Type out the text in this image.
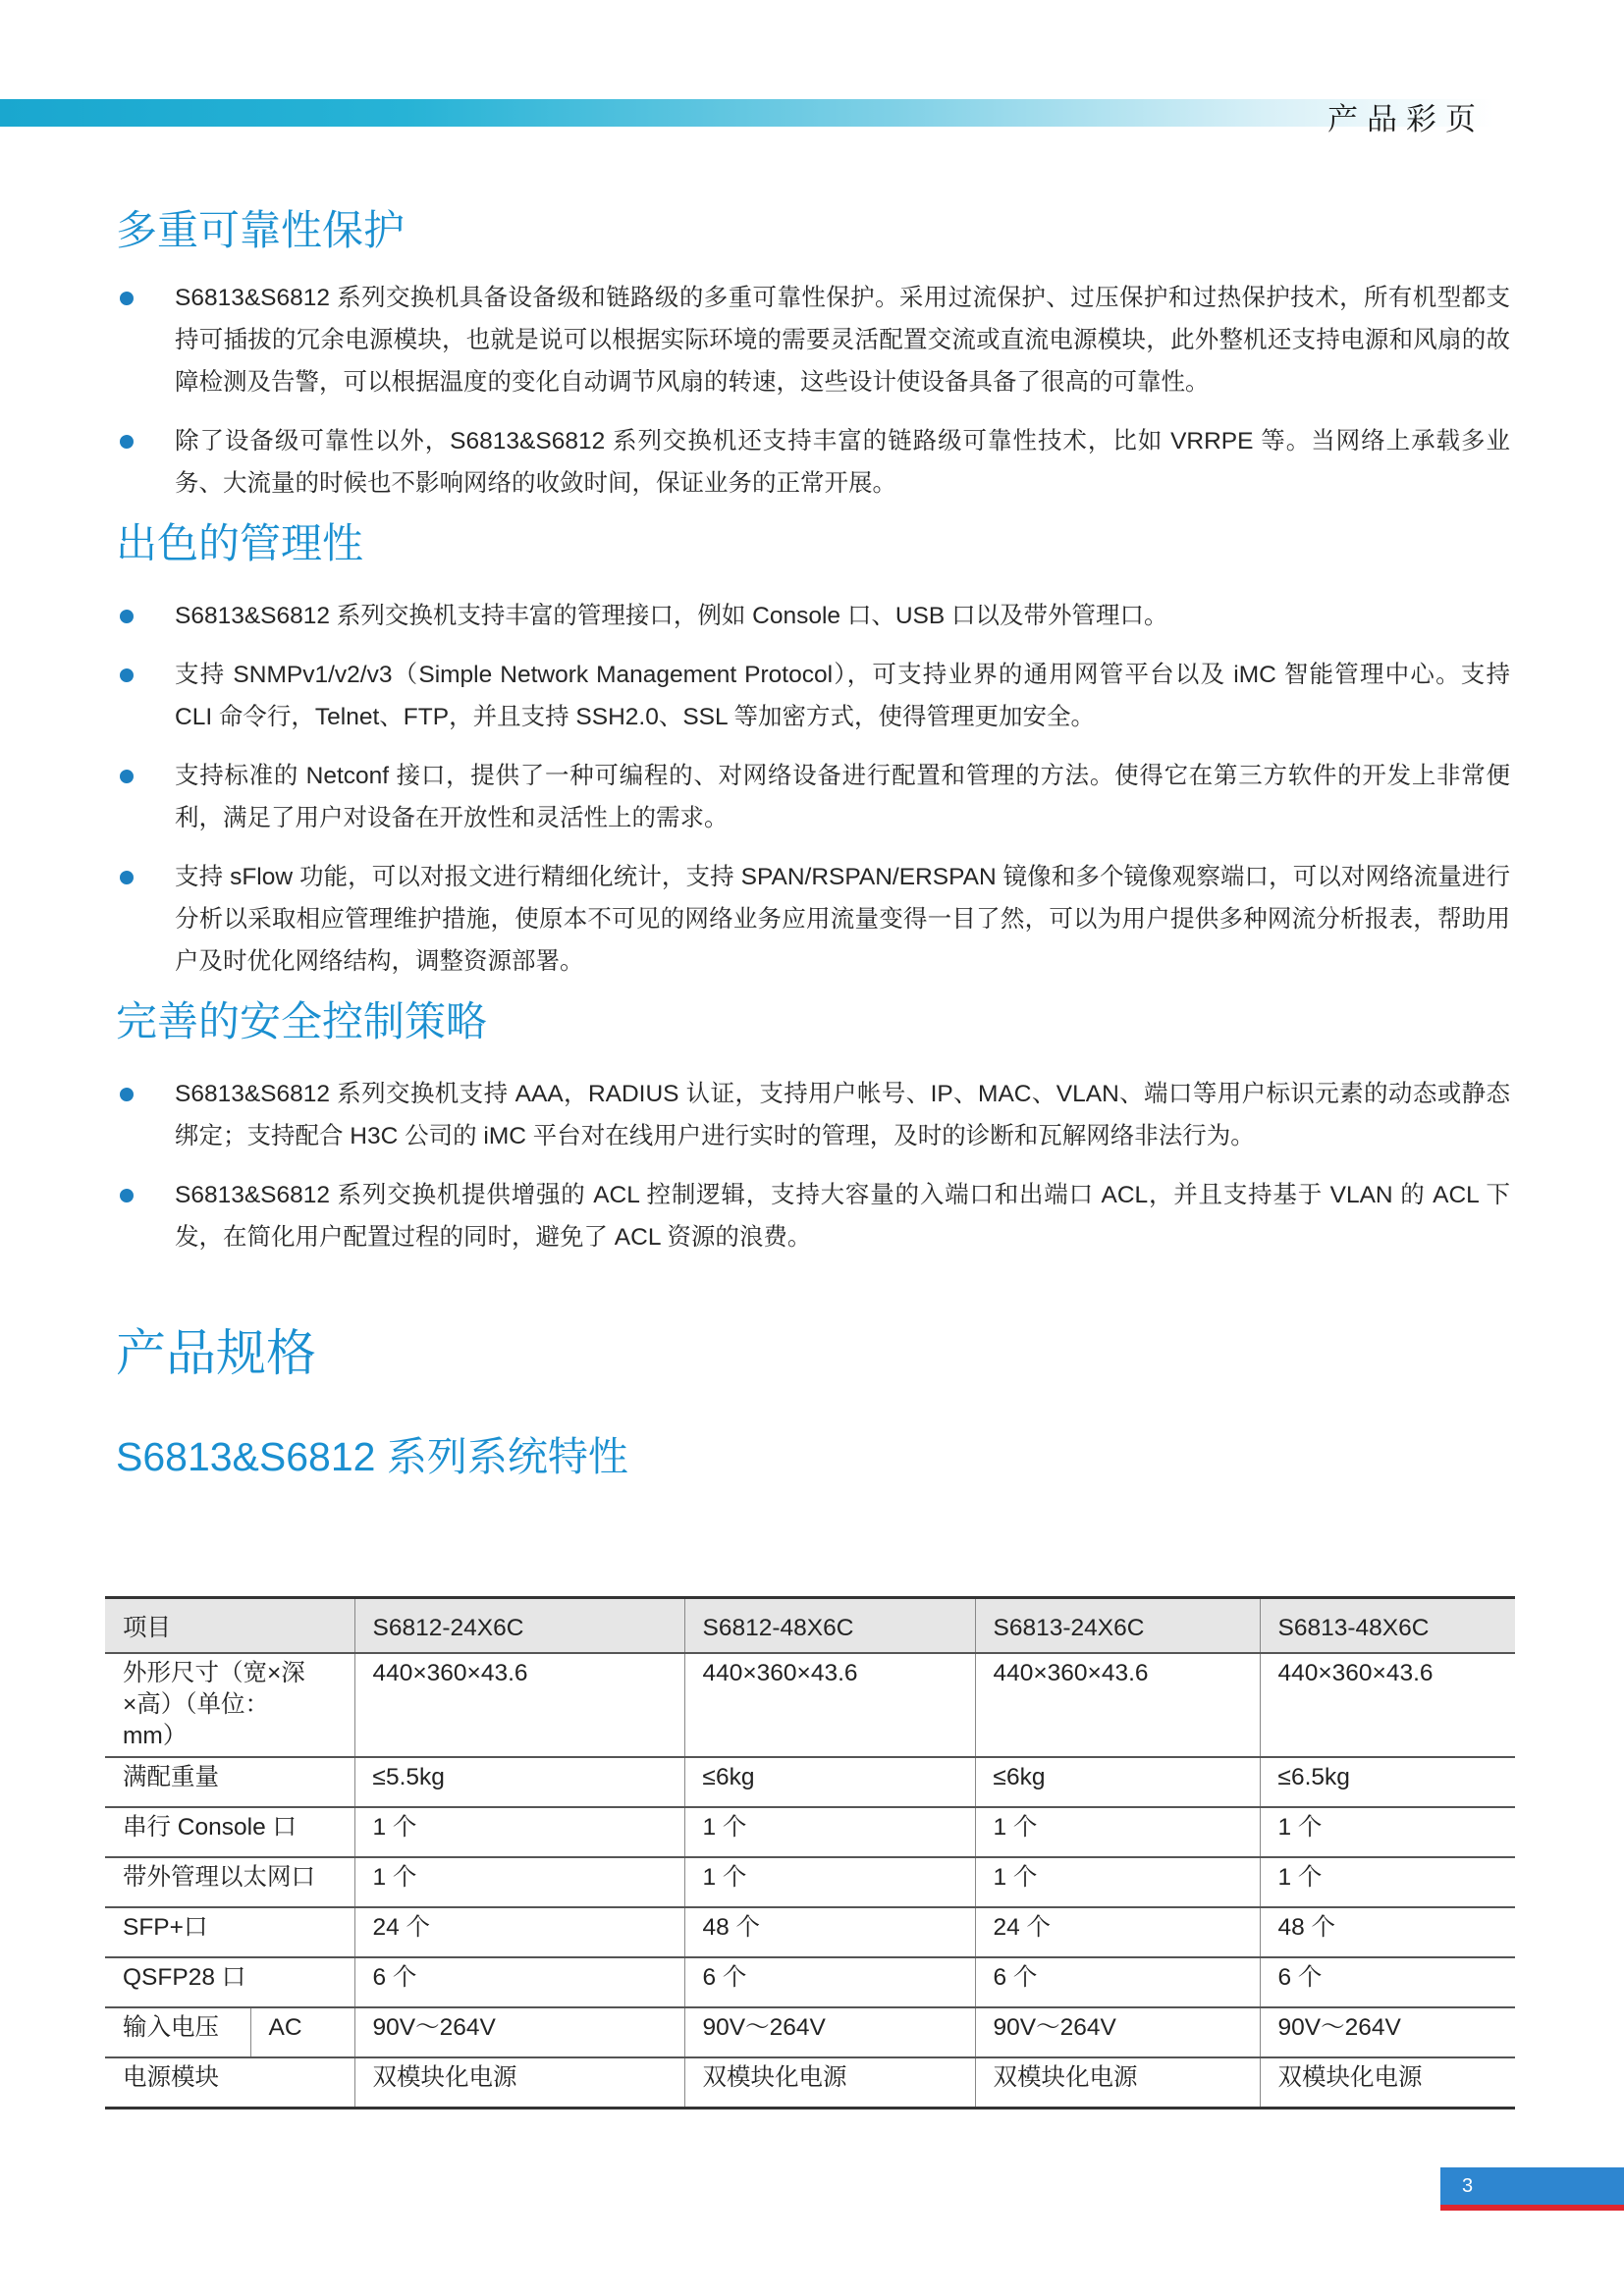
产品彩页
多重可靠性保护
S6813&S6812 系列交换机具备设备级和链路级的多重可靠性保护。采用过流保护、过压保护和过热保护技术，所有机型都支持可插拔的冗余电源模块，也就是说可以根据实际环境的需要灵活配置交流或直流电源模块，此外整机还支持电源和风扇的故障检测及告警，可以根据温度的变化自动调节风扇的转速，这些设计使设备具备了很高的可靠性。
除了设备级可靠性以外，S6813&S6812 系列交换机还支持丰富的链路级可靠性技术，比如 VRRPE 等。当网络上承载多业务、大流量的时候也不影响网络的收敛时间，保证业务的正常开展。
出色的管理性
S6813&S6812 系列交换机支持丰富的管理接口，例如 Console 口、USB 口以及带外管理口。
支持 SNMPv1/v2/v3（Simple Network Management Protocol），可支持业界的通用网管平台以及 iMC 智能管理中心。支持 CLI 命令行，Telnet、FTP，并且支持 SSH2.0、SSL 等加密方式，使得管理更加安全。
支持标准的 Netconf 接口，提供了一种可编程的、对网络设备进行配置和管理的方法。使得它在第三方软件的开发上非常便利，满足了用户对设备在开放性和灵活性上的需求。
支持 sFlow 功能，可以对报文进行精细化统计，支持 SPAN/RSPAN/ERSPAN 镜像和多个镜像观察端口，可以对网络流量进行分析以采取相应管理维护措施，使原本不可见的网络业务应用流量变得一目了然，可以为用户提供多种网流分析报表，帮助用户及时优化网络结构，调整资源部署。
完善的安全控制策略
S6813&S6812 系列交换机支持 AAA，RADIUS 认证，支持用户帐号、IP、MAC、VLAN、端口等用户标识元素的动态或静态绑定；支持配合 H3C 公司的 iMC 平台对在线用户进行实时的管理，及时的诊断和瓦解网络非法行为。
S6813&S6812 系列交换机提供增强的 ACL 控制逻辑，支持大容量的入端口和出端口 ACL，并且支持基于 VLAN 的 ACL 下发，在简化用户配置过程的同时，避免了 ACL 资源的浪费。
产品规格
S6813&S6812 系列系统特性
项目		S6812-24X6C	S6812-48X6C	S6813-24X6C	S6813-48X6C
外形尺寸（宽×深×高）（单位：mm）		440×360×43.6	440×360×43.6	440×360×43.6	440×360×43.6
满配重量		≤5.5kg	≤6kg	≤6kg	≤6.5kg
串行 Console 口		1 个	1 个	1 个	1 个
带外管理以太网口		1 个	1 个	1 个	1 个
SFP+口		24 个	48 个	24 个	48 个
QSFP28 口		6 个	6 个	6 个	6 个
输入电压	AC	90V～264V	90V～264V	90V～264V	90V～264V
电源模块		双模块化电源	双模块化电源	双模块化电源	双模块化电源
3
